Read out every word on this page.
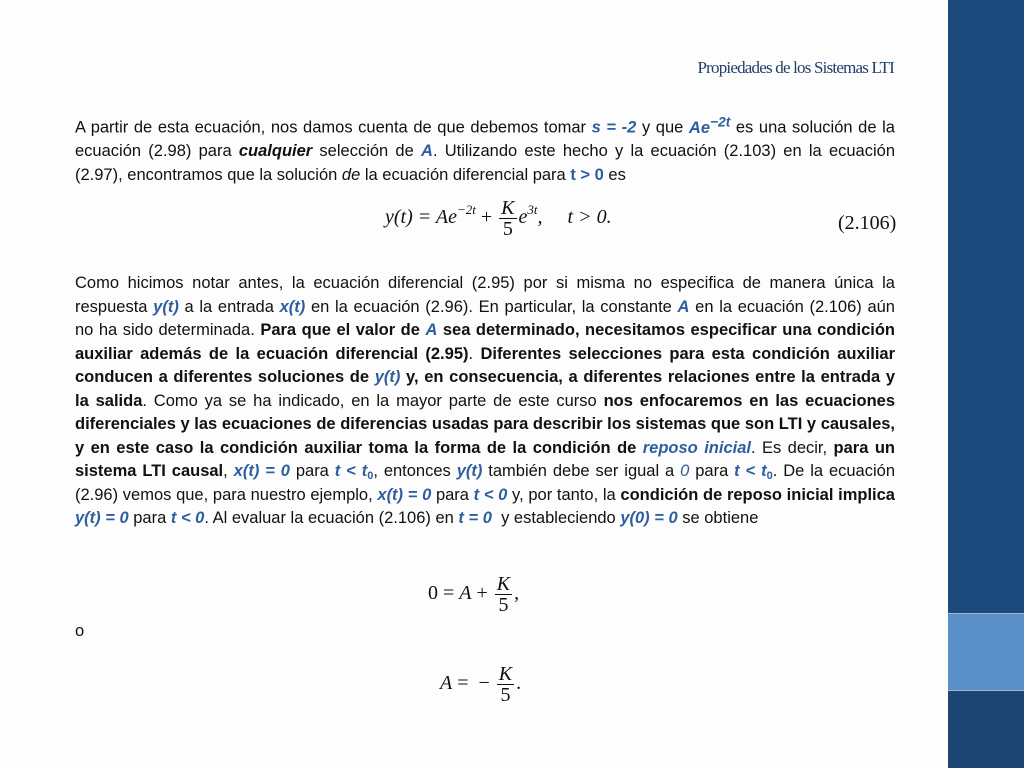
Propiedades de los Sistemas LTI

A partir de esta ecuación, nos damos cuenta de que debemos tomar s = -2 y que $Ae^{-2t}$ es una solución de la ecuación (2.98) para cualquier selección de A. Utilizando este hecho y la ecuación (2.103) en la ecuación (2.97), encontramos que la solución de la ecuación diferencial para t > 0 es

$y(t) = Ae^{-2t} + \frac{K}{5} e^{3t}$,     t > 0.	(2.106)

Como hicimos notar antes, la ecuación diferencial (2.95) por si misma no especifica de manera única la respuesta y(t) a la entrada x(t) en la ecuación (2.96). En particular, la constante A en la ecuación (2.106) aún no ha sido determinada. Para que el valor de A sea determinado, necesitamos especificar una condición auxiliar además de la ecuación diferencial (2.95). Diferentes selecciones para esta condición auxiliar conducen a diferentes soluciones de y(t) y, en consecuencia, a diferentes relaciones entre la entrada y la salida. Como ya se ha indicado, en la mayor parte de este curso nos enfocaremos en las ecuaciones diferenciales y las ecuaciones de diferencias usadas para describir los sistemas que son LTI y causales, y en este caso la condición auxiliar toma la forma de la condición de reposo inicial. Es decir, para un sistema LTI causal, x(t) = 0 para $t < t_0$, entonces y(t) también debe ser igual a 0 para $t < t_0$. De la ecuación (2.96) vemos que, para nuestro ejemplo, x(t) = 0 para t < 0 y, por tanto, la condición de reposo inicial implica y(t) = 0 para t < 0. Al evaluar la ecuación (2.106) en t = 0  y estableciendo y(0) = 0 se obtiene

$0 = A + \frac{K}{5}$ ,
o
A =  − $\frac{K}{5}$ .
